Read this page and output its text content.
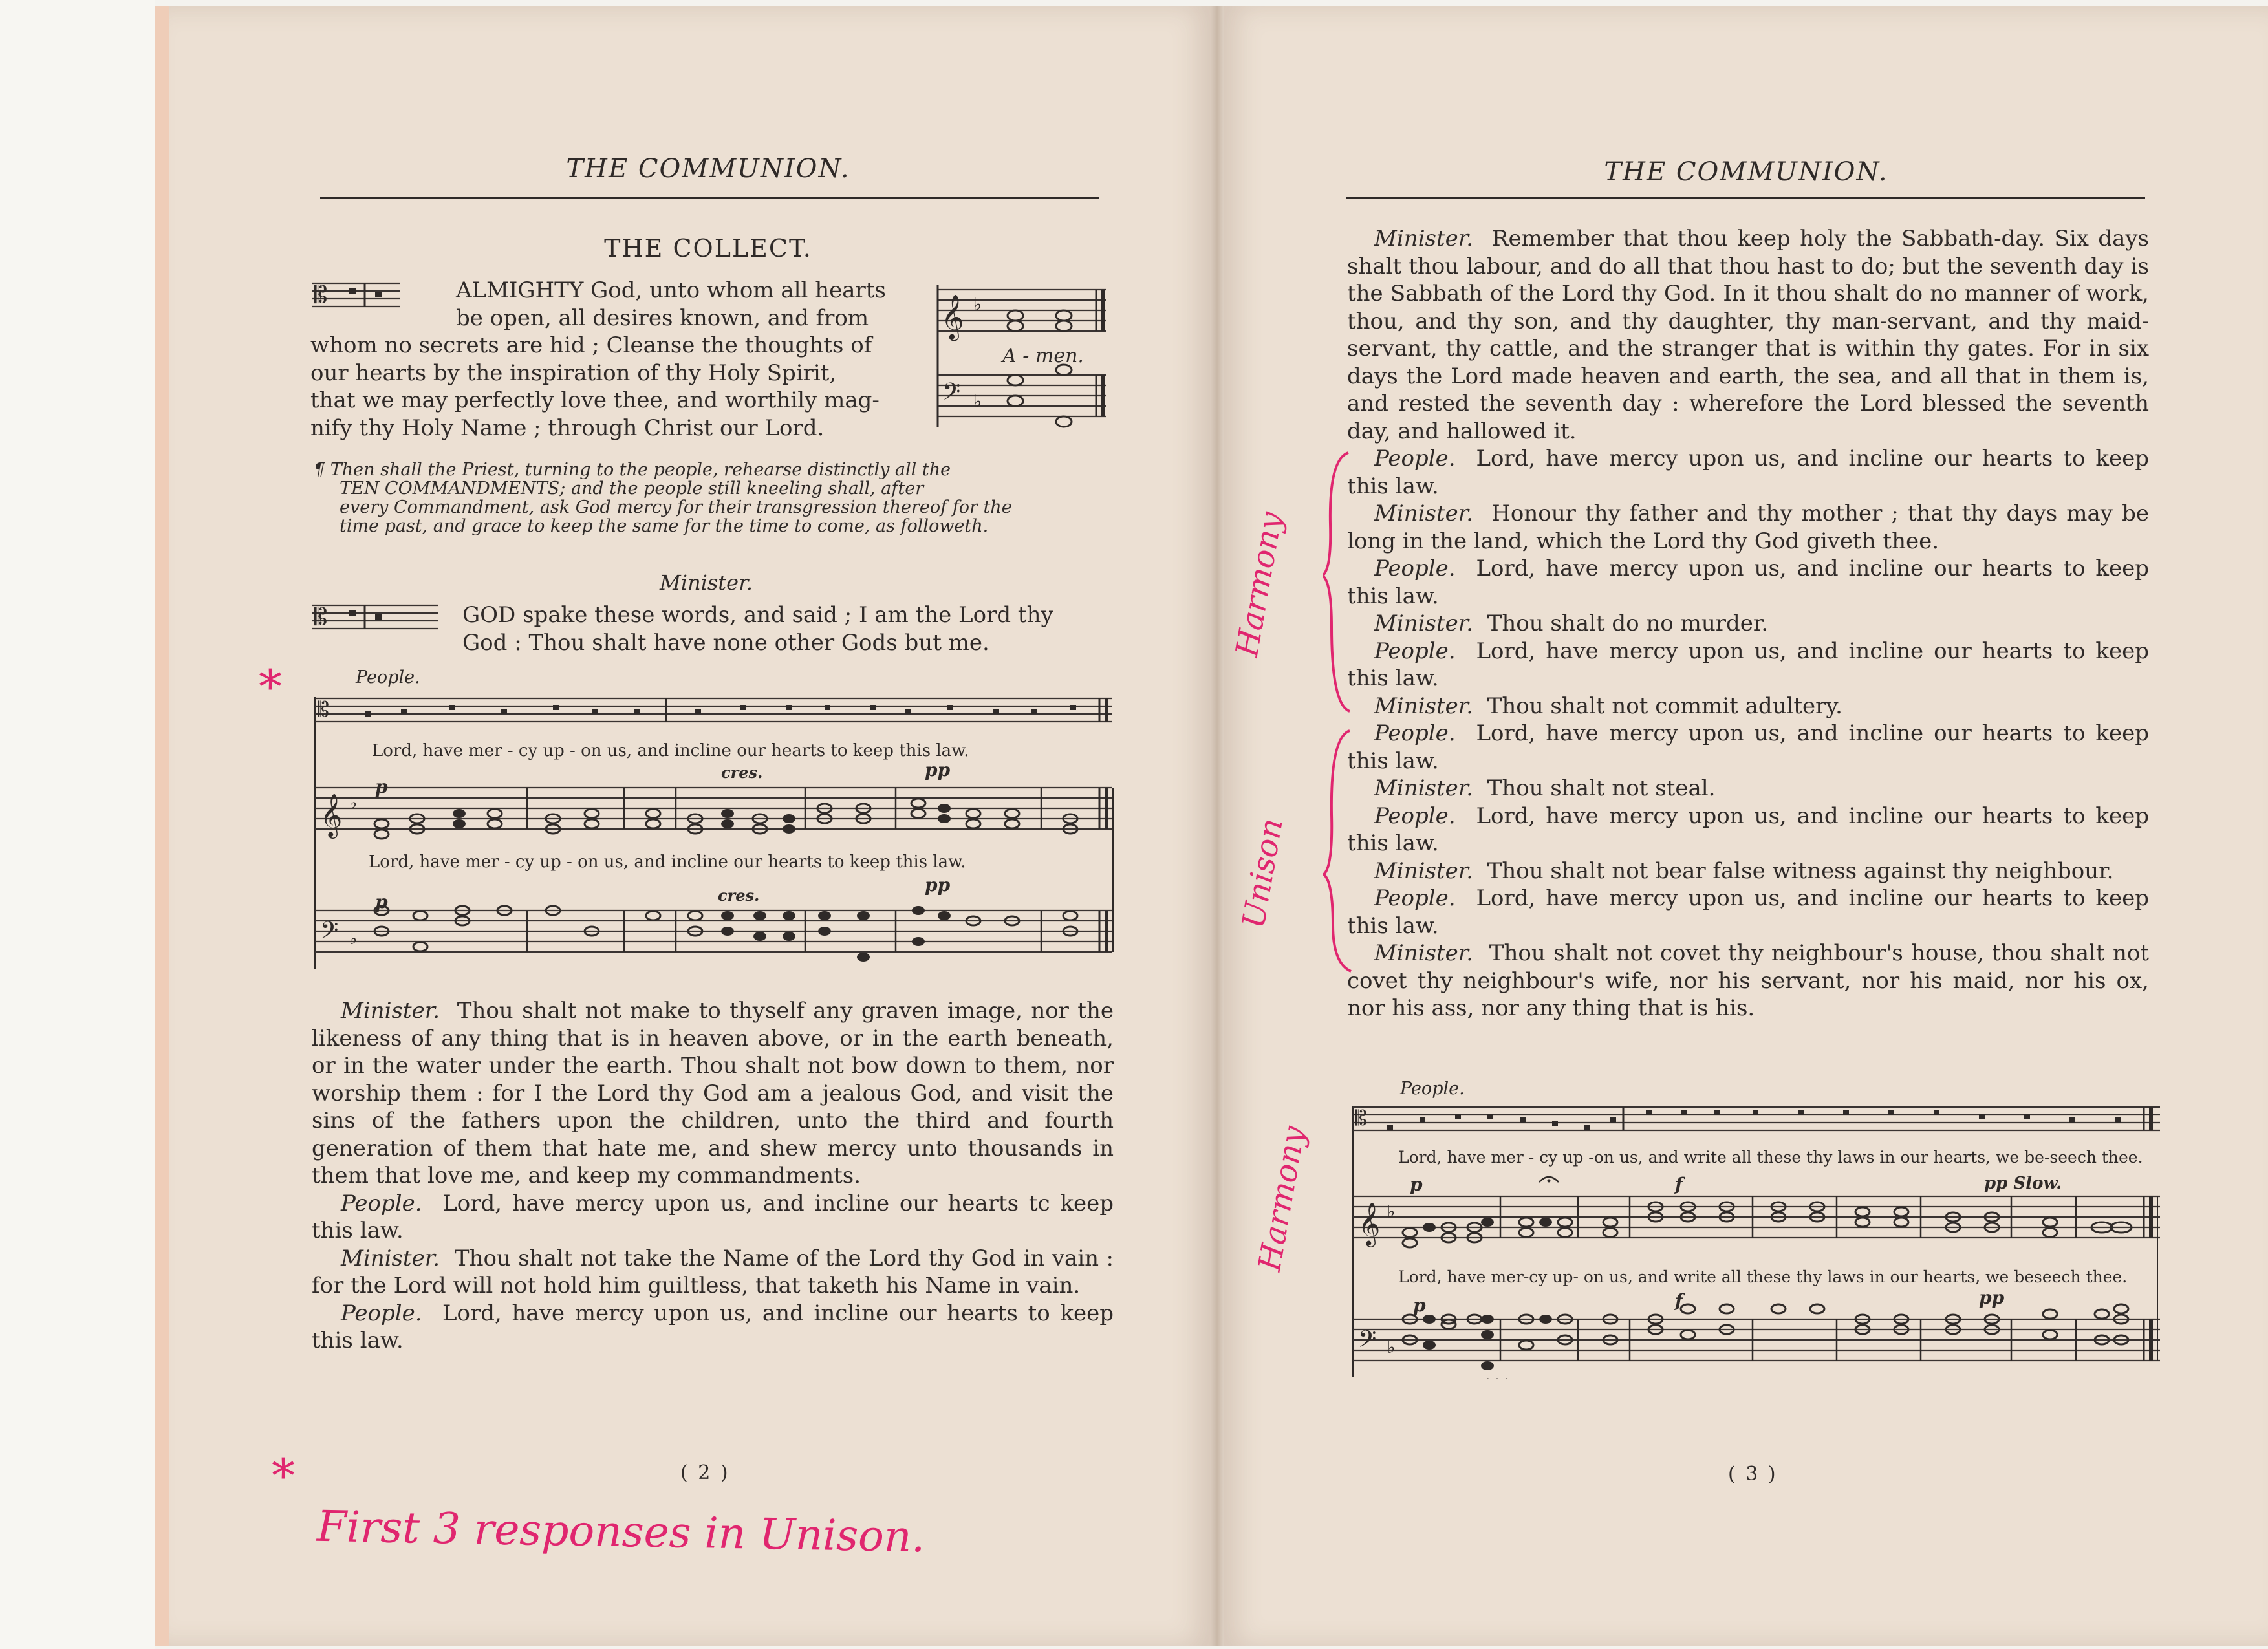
THE COMMUNION.
THE COLLECT.
𝄡	ALMIGHTY God, unto whom all hearts
be open, all desires known, and from
whom no secrets are hid ; Cleanse the thoughts of
our hearts by the inspiration of thy Holy Spirit,
that we may perfectly love thee, and worthily mag-
nify thy Holy Name ; through Christ our Lord.
𝄞 ♭
𝄢 ♭
A - men.
¶ Then shall the Priest, turning to the people, rehearse distinctly all the
TEN COMMANDMENTS; and the people still kneeling shall, after
every Commandment, ask God mercy for their transgression thereof for the
time past, and grace to keep the same for the time to come, as followeth.
Minister.
𝄡	GOD spake these words, and said ; I am the Lord thy
God : Thou shalt have none other Gods but me.
People.
𝄡
𝄞 ♭
𝄢 ♭
Lord, have mer - cy up - on us, and incline our hearts to keep this law.
cres.	pp
p
Lord, have mer - cy up - on us, and incline our hearts to keep this law.
p	cres.	pp

Minister. Thou shalt not make to thyself any graven image, nor the likeness of any thing that is in heaven above, or in the earth beneath, or in the water under the earth. Thou shalt not bow down to them, nor worship them : for I the Lord thy God am a jealous God, and visit the sins of the fathers upon the children, unto the third and fourth generation of them that hate me, and shew mercy unto thousands in them that love me, and keep my commandments.

People. Lord, have mercy upon us, and incline our hearts tc keep this law.

Minister. Thou shalt not take the Name of the Lord thy God in vain : for the Lord will not hold him guiltless, that taketh his Name in vain.

People. Lord, have mercy upon us, and incline our hearts to keep this law.

( 2 )
*
*
First 3 responses in Unison.
THE COMMUNION.

Minister. Remember that thou keep holy the Sabbath-day. Six days shalt thou labour, and do all that thou hast to do; but the seventh day is the Sabbath of the Lord thy God. In it thou shalt do no manner of work, thou, and thy son, and thy daughter, thy man-servant, and thy maid-servant, thy cattle, and the stranger that is within thy gates. For in six days the Lord made heaven and earth, the sea, and all that in them is, and rested the seventh day : wherefore the Lord blessed the seventh day, and hallowed it.

People. Lord, have mercy upon us, and incline our hearts to keep this law.

Minister. Honour thy father and thy mother ; that thy days may be long in the land, which the Lord thy God giveth thee.

People. Lord, have mercy upon us, and incline our hearts to keep this law.

Minister. Thou shalt do no murder.

People. Lord, have mercy upon us, and incline our hearts to keep this law.

Minister. Thou shalt not commit adultery.

People. Lord, have mercy upon us, and incline our hearts to keep this law.

Minister. Thou shalt not steal.

People. Lord, have mercy upon us, and incline our hearts to keep this law.

Minister. Thou shalt not bear false witness against thy neighbour.

People. Lord, have mercy upon us, and incline our hearts to keep this law.

Minister. Thou shalt not covet thy neighbour's house, thou shalt not covet thy neighbour's wife, nor his servant, nor his maid, nor his ox, nor his ass, nor any thing that is his.

People.
𝄡
𝄞 ♭
𝄢 ♭
Lord, have mer - cy up -on us, and write all these thy laws in our hearts, we be-seech thee.
p	f	pp Slow.
Lord, have mer-cy up- on us, and write all these thy laws in our hearts, we beseech thee.
p	f	pp
( 3 )
Harmony
Unison
Harmony
